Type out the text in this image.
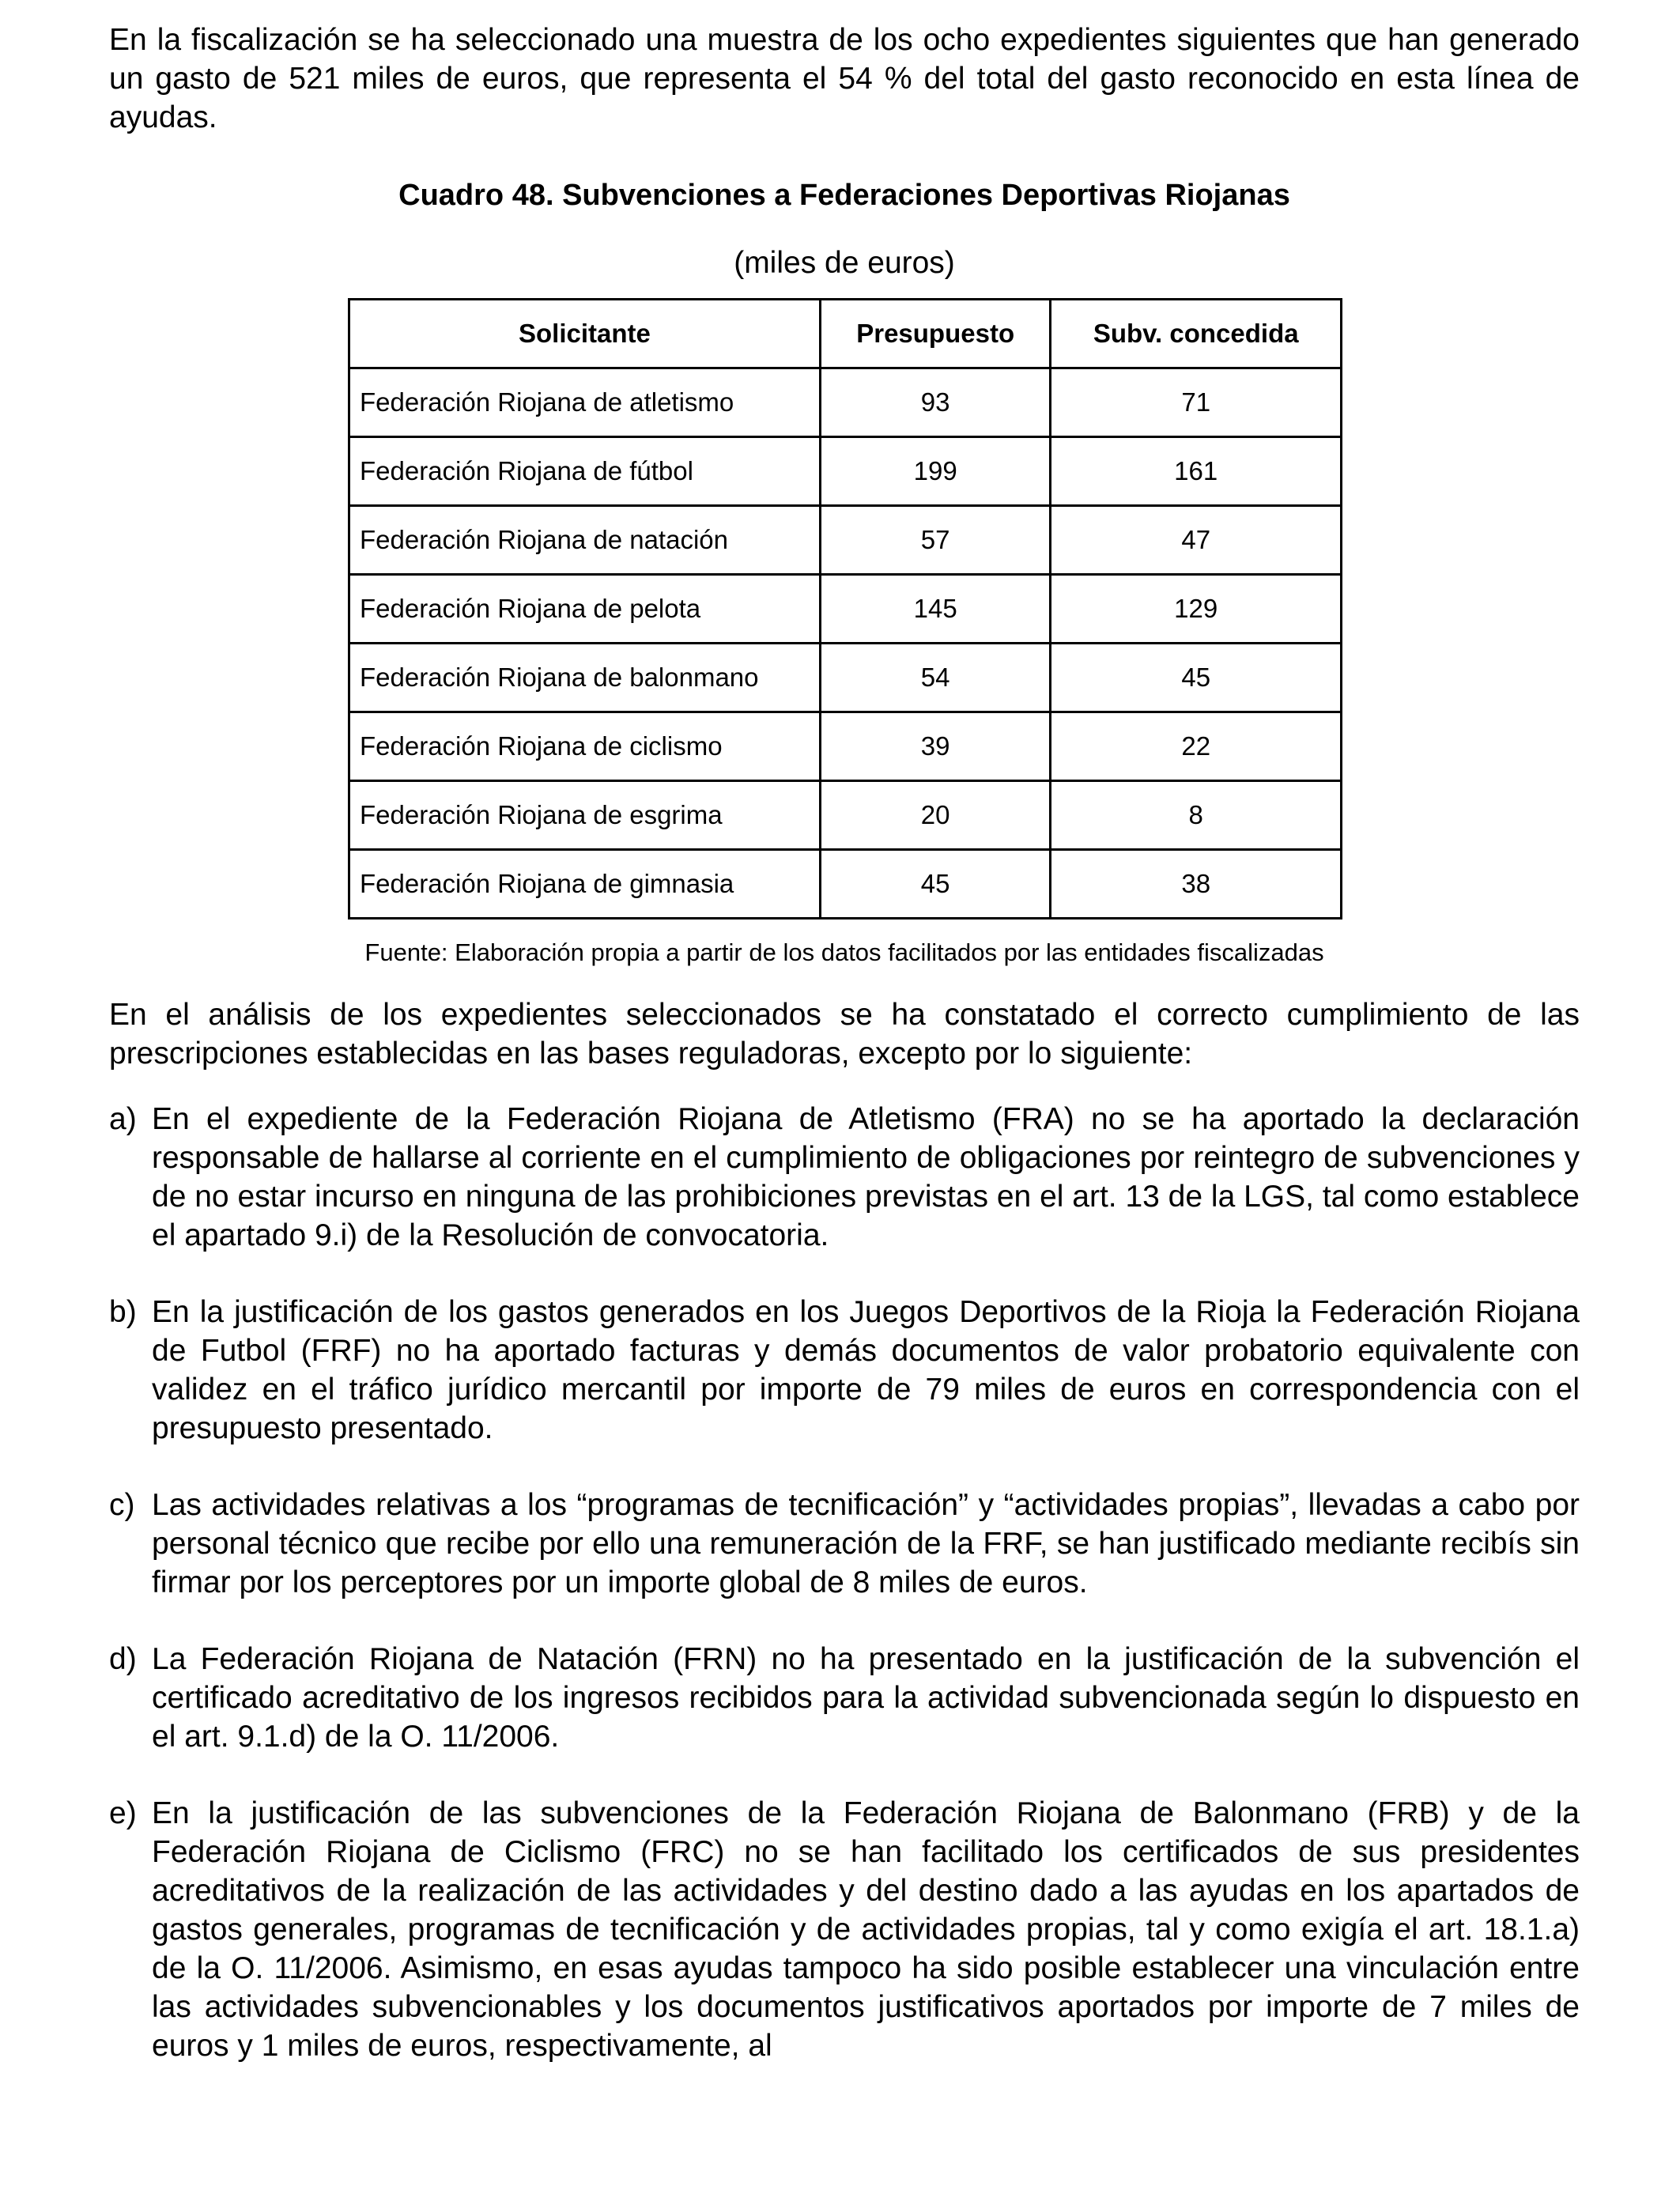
En la fiscalización se ha seleccionado una muestra de los ocho expedientes siguientes que han generado un gasto de 521 miles de euros, que representa el 54 % del total del gasto reconocido en esta línea de ayudas.

Cuadro 48. Subvenciones a Federaciones Deportivas Riojanas

(miles de euros)

Solicitante	Presupuesto	Subv. concedida
Federación Riojana de atletismo	93	71
Federación Riojana de fútbol	199	161
Federación Riojana de natación	57	47
Federación Riojana de pelota	145	129
Federación Riojana de balonmano	54	45
Federación Riojana de ciclismo	39	22
Federación Riojana de esgrima	20	8
Federación Riojana de gimnasia	45	38

Fuente: Elaboración propia a partir de los datos facilitados por las entidades fiscalizadas

En el análisis de los expedientes seleccionados se ha constatado el correcto cumplimiento de las prescripciones establecidas en las bases reguladoras, excepto por lo siguiente:

a) En el expediente de la Federación Riojana de Atletismo (FRA) no se ha aportado la declaración responsable de hallarse al corriente en el cumplimiento de obligaciones por reintegro de subvenciones y de no estar incurso en ninguna de las prohibiciones previstas en el art. 13 de la LGS, tal como establece el apartado 9.i) de la Resolución de convocatoria.
b) En la justificación de los gastos generados en los Juegos Deportivos de la Rioja la Federación Riojana de Futbol (FRF) no ha aportado facturas y demás documentos de valor probatorio equivalente con validez en el tráfico jurídico mercantil por importe de 79 miles de euros en correspondencia con el presupuesto presentado.
c) Las actividades relativas a los “programas de tecnificación” y “actividades propias”, llevadas a cabo por personal técnico que recibe por ello una remuneración de la FRF, se han justificado mediante recibís sin firmar por los perceptores por un importe global de 8 miles de euros.
d) La Federación Riojana de Natación (FRN) no ha presentado en la justificación de la subvención el certificado acreditativo de los ingresos recibidos para la actividad subvencionada según lo dispuesto en el art. 9.1.d) de la O. 11/2006.
e) En la justificación de las subvenciones de la Federación Riojana de Balonmano (FRB) y de la Federación Riojana de Ciclismo (FRC) no se han facilitado los certificados de sus presidentes acreditativos de la realización de las actividades y del destino dado a las ayudas en los apartados de gastos generales, programas de tecnificación y de actividades propias, tal y como exigía el art. 18.1.a) de la O. 11/2006. Asimismo, en esas ayudas tampoco ha sido posible establecer una vinculación entre las actividades subvencionables y los documentos justificativos aportados por importe de 7 miles de euros y 1 miles de euros, respectivamente, al
